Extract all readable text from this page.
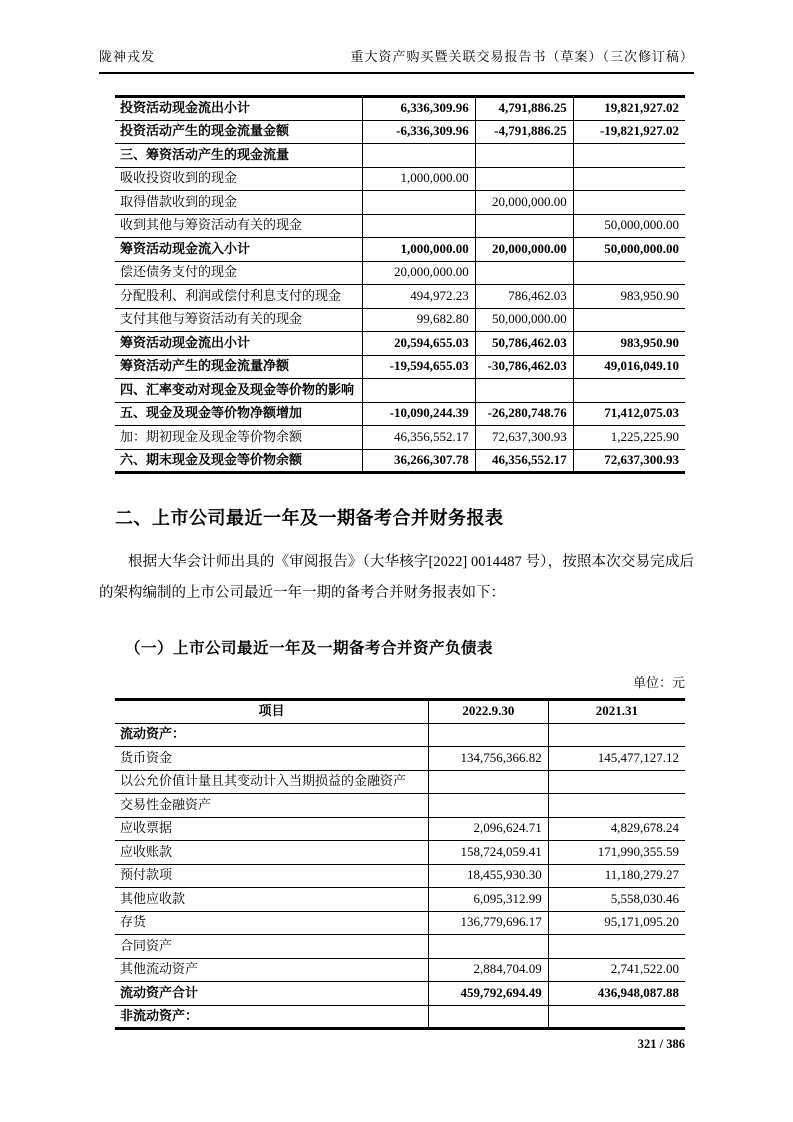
陇神戎发	重大资产购买暨关联交易报告书（草案）（三次修订稿）
投资活动现金流出小计	6,336,309.96	4,791,886.25	19,821,927.02
投资活动产生的现金流量金额	-6,336,309.96	-4,791,886.25	-19,821,927.02
三、筹资活动产生的现金流量			
吸收投资收到的现金	1,000,000.00		
取得借款收到的现金		20,000,000.00	
收到其他与筹资活动有关的现金			50,000,000.00
筹资活动现金流入小计	1,000,000.00	20,000,000.00	50,000,000.00
偿还债务支付的现金	20,000,000.00		
分配股利、利润或偿付利息支付的现金	494,972.23	786,462.03	983,950.90
支付其他与筹资活动有关的现金	99,682.80	50,000,000.00	
筹资活动现金流出小计	20,594,655.03	50,786,462.03	983,950.90
筹资活动产生的现金流量净额	-19,594,655.03	-30,786,462.03	49,016,049.10
四、汇率变动对现金及现金等价物的影响			
五、现金及现金等价物净额增加	-10,090,244.39	-26,280,748.76	71,412,075.03
加：期初现金及现金等价物余额	46,356,552.17	72,637,300.93	1,225,225.90
六、期末现金及现金等价物余额	36,266,307.78	46,356,552.17	72,637,300.93
二、上市公司最近一年及一期备考合并财务报表
根据大华会计师出具的《审阅报告》（大华核字[2022] 0014487 号），按照本次交易完成后的架构编制的上市公司最近一年一期的备考合并财务报表如下：
（一）上市公司最近一年及一期备考合并资产负债表
单位：元
项目	2022.9.30	2021.31
流动资产：		
货币资金	134,756,366.82	145,477,127.12
以公允价值计量且其变动计入当期损益的金融资产		
交易性金融资产		
应收票据	2,096,624.71	4,829,678.24
应收账款	158,724,059.41	171,990,355.59
预付款项	18,455,930.30	11,180,279.27
其他应收款	6,095,312.99	5,558,030.46
存货	136,779,696.17	95,171,095.20
合同资产		
其他流动资产	2,884,704.09	2,741,522.00
流动资产合计	459,792,694.49	436,948,087.88
非流动资产：		
321 / 386
